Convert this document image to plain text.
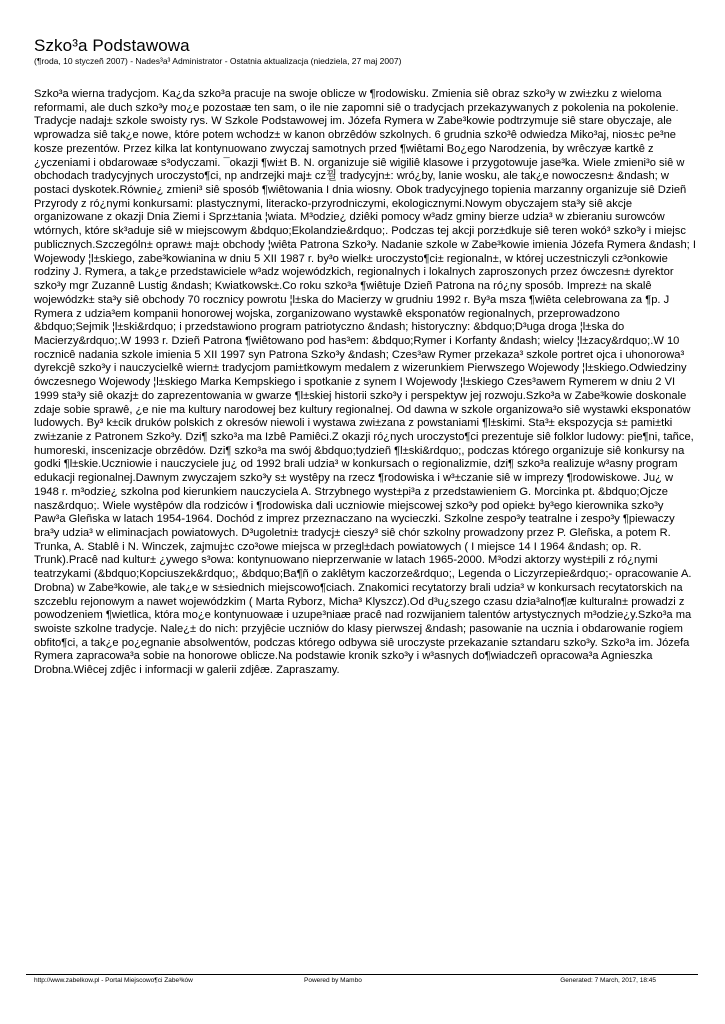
Szko³a Podstawowa
(¶roda, 10 styczeñ 2007) - Nades³a³ Administrator - Ostatnia aktualizacja (niedziela, 27 maj 2007)

Szko³a wierna tradycjom. Ka¿da szko³a pracuje na swoje oblicze w ¶rodowisku. Zmienia siê obraz szko³y w zwi±zku z wieloma reformami, ale duch szko³y mo¿e pozostaæ ten sam, o ile nie zapomni siê o tradycjach przekazywanych z pokolenia na pokolenie. Tradycje nadaj± szkole swoisty rys. W Szkole Podstawowej im. Józefa Rymera w Zabe³kowie podtrzymuje siê stare obyczaje, ale wprowadza siê tak¿e nowe, które potem wchodz± w kanon obrzêdów szkolnych. 6 grudnia szko³ê odwiedza Miko³aj, nios±c pe³ne kosze prezentów. Przez kilka lat kontynuowano zwyczaj samotnych przed ¶wiêtami Bo¿ego Narodzenia, by wrêczyæ kartkê z ¿yczeniami i obdarowaæ s³odyczami. ¯okazji ¶wi±t B. N. organizuje siê wigiliê klasowe i przygotowuje jase³ka. Wiele zmieni³o siê w obchodach tradycyjnych uroczysto¶ci, np andrzejki maj± cz꿜 tradycyjn±: wró¿by, lanie wosku, ale tak¿e nowoczesn± &ndash; w postaci dyskotek.Równie¿ zmieni³ siê sposób ¶wiêtowania I dnia wiosny. Obok tradycyjnego topienia marzanny organizuje siê Dzieñ Przyrody z ró¿nymi konkursami: plastycznymi, literacko-przyrodniczymi, ekologicznymi.Nowym obyczajem sta³y siê akcje organizowane z okazji Dnia Ziemi i Sprz±tania ¦wiata. M³odzie¿ dziêki pomocy w³adz gminy bierze udzia³ w zbieraniu surowców wtórnych, które sk³aduje siê w miejscowym &bdquo;Ekolandzie&rdquo;. Podczas tej akcji porz±dkuje siê teren wokó³ szko³y i miejsc publicznych.Szczególn± opraw± maj± obchody ¦wiêta Patrona Szko³y. Nadanie szkole w Zabe³kowie imienia Józefa Rymera &ndash; I Wojewody ¦l±skiego, zabe³kowianina w dniu 5 XII 1987 r. by³o wielk± uroczysto¶ci± regionaln±, w której uczestniczyli cz³onkowie rodziny J. Rymera, a tak¿e przedstawiciele w³adz wojewódzkich, regionalnych i lokalnych zaproszonych przez ówczesn± dyrektor szko³y mgr Zuzannê Lustig &ndash; Kwiatkowsk±.Co roku szko³a ¶wiêtuje Dzieñ Patrona na ró¿ny sposób. Imprez± na skalê wojewódzk± sta³y siê obchody 70 rocznicy powrotu ¦l±ska do Macierzy w grudniu 1992 r. By³a msza ¶wiêta celebrowana za ¶p. J Rymera z udzia³em kompanii honorowej wojska, zorganizowano wystawkê eksponatów regionalnych, przeprowadzono &bdquo;Sejmik ¦l±ski&rdquo; i przedstawiono program patriotyczno &ndash; historyczny: &bdquo;D³uga droga ¦l±ska do Macierzy&rdquo;.W 1993 r. Dzieñ Patrona ¶wiêtowano pod has³em: &bdquo;Rymer i Korfanty &ndash; wielcy ¦l±zacy&rdquo;.W 10 rocznicê nadania szkole imienia 5 XII 1997 syn Patrona Szko³y &ndash; Czes³aw Rymer przekaza³ szkole portret ojca i uhonorowa³ dyrekcjê szko³y i nauczycielkê wiern± tradycjom pami±tkowym medalem z wizerunkiem Pierwszego Wojewody ¦l±skiego.Odwiedziny ówczesnego Wojewody ¦l±skiego Marka Kempskiego i spotkanie z synem I Wojewody ¦l±skiego Czes³awem Rymerem w dniu 2 VI 1999 sta³y siê okazj± do zaprezentowania w gwarze ¶l±skiej historii szko³y i perspektyw jej rozwoju.Szko³a w Zabe³kowie doskonale zdaje sobie sprawê, ¿e nie ma kultury narodowej bez kultury regionalnej. Od dawna w szkole organizowa³o siê wystawki eksponatów ludowych. By³ k±cik druków polskich z okresów niewoli i wystawa zwi±zana z powstaniami ¶l±skimi. Sta³± ekspozycja s± pami±tki zwi±zanie z Patronem Szko³y. Dzi¶ szko³a ma Izbê Pamiêci.Z okazji ró¿nych uroczysto¶ci prezentuje siê folklor ludowy: pie¶ni, tañce, humoreski, inscenizacje obrzêdów. Dzi¶ szko³a ma swój &bdquo;tydzieñ ¶l±ski&rdquo;, podczas którego organizuje siê konkursy na godki ¶l±skie.Uczniowie i nauczyciele ju¿ od 1992 brali udzia³ w konkursach o regionalizmie, dzi¶ szko³a realizuje w³asny program edukacji regionalnej.Dawnym zwyczajem szko³y s± wystêpy na rzecz ¶rodowiska i w³±czanie siê w imprezy ¶rodowiskowe. Ju¿ w 1948 r. m³odzie¿ szkolna pod kierunkiem nauczyciela A. Strzybnego wyst±pi³a z przedstawieniem G. Morcinka pt. &bdquo;Ojcze nasz&rdquo;. Wiele wystêpów dla rodziców i ¶rodowiska dali uczniowie miejscowej szko³y pod opiek± by³ego kierownika szko³y Paw³a Gleñska w latach 1954-1964. Dochód z imprez przeznaczano na wycieczki. Szkolne zespo³y teatralne i zespo³y ¶piewaczy bra³y udzia³ w eliminacjach powiatowych. D³ugoletni± tradycj± cieszy³ siê chór szkolny prowadzony przez P. Gleñska, a potem R. Trunka, A. Stablê i N. Winczek, zajmuj±c czo³owe miejsca w przegl±dach powiatowych ( I miejsce 14 I 1964 &ndash; op. R. Trunk).Pracê nad kultur± ¿ywego s³owa: kontynuowano nieprzerwanie w latach 1965-2000. M³odzi aktorzy wyst±pili z ró¿nymi teatrzykami (&bdquo;Kopciuszek&rdquo;, &bdquo;Ba¶ñ o zaklêtym kaczorze&rdquo;, Legenda o Liczyrzepie&rdquo;- opracowanie A. Drobna) w Zabe³kowie, ale tak¿e w s±siednich miejscowo¶ciach. Znakomici recytatorzy brali udzia³ w konkursach recytatorskich na szczeblu rejonowym a nawet wojewódzkim ( Marta Ryborz, Micha³ Klyszcz).Od d³u¿szego czasu dzia³alno¶æ kulturaln± prowadzi z powodzeniem ¶wietlica, która mo¿e kontynuowaæ i uzupe³niaæ pracê nad rozwijaniem talentów artystycznych m³odzie¿y.Szko³a ma swoiste szkolne tradycje. Nale¿± do nich: przyjêcie uczniów do klasy pierwszej &ndash; pasowanie na ucznia i obdarowanie rogiem obfito¶ci, a tak¿e po¿egnanie absolwentów, podczas którego odbywa siê uroczyste przekazanie sztandaru szko³y. Szko³a im. Józefa Rymera zapracowa³a sobie na honorowe oblicze.Na podstawie kronik szko³y i w³asnych do¶wiadczeñ opracowa³a Agnieszka Drobna.Wiêcej zdjêc i informacji w galerii zdjêæ. Zapraszamy.

http://www.zabelkow.pl - Portal Miejscowo¶ci Zabe³ków	Powered by Mambo	Generated: 7 March, 2017, 18:45
